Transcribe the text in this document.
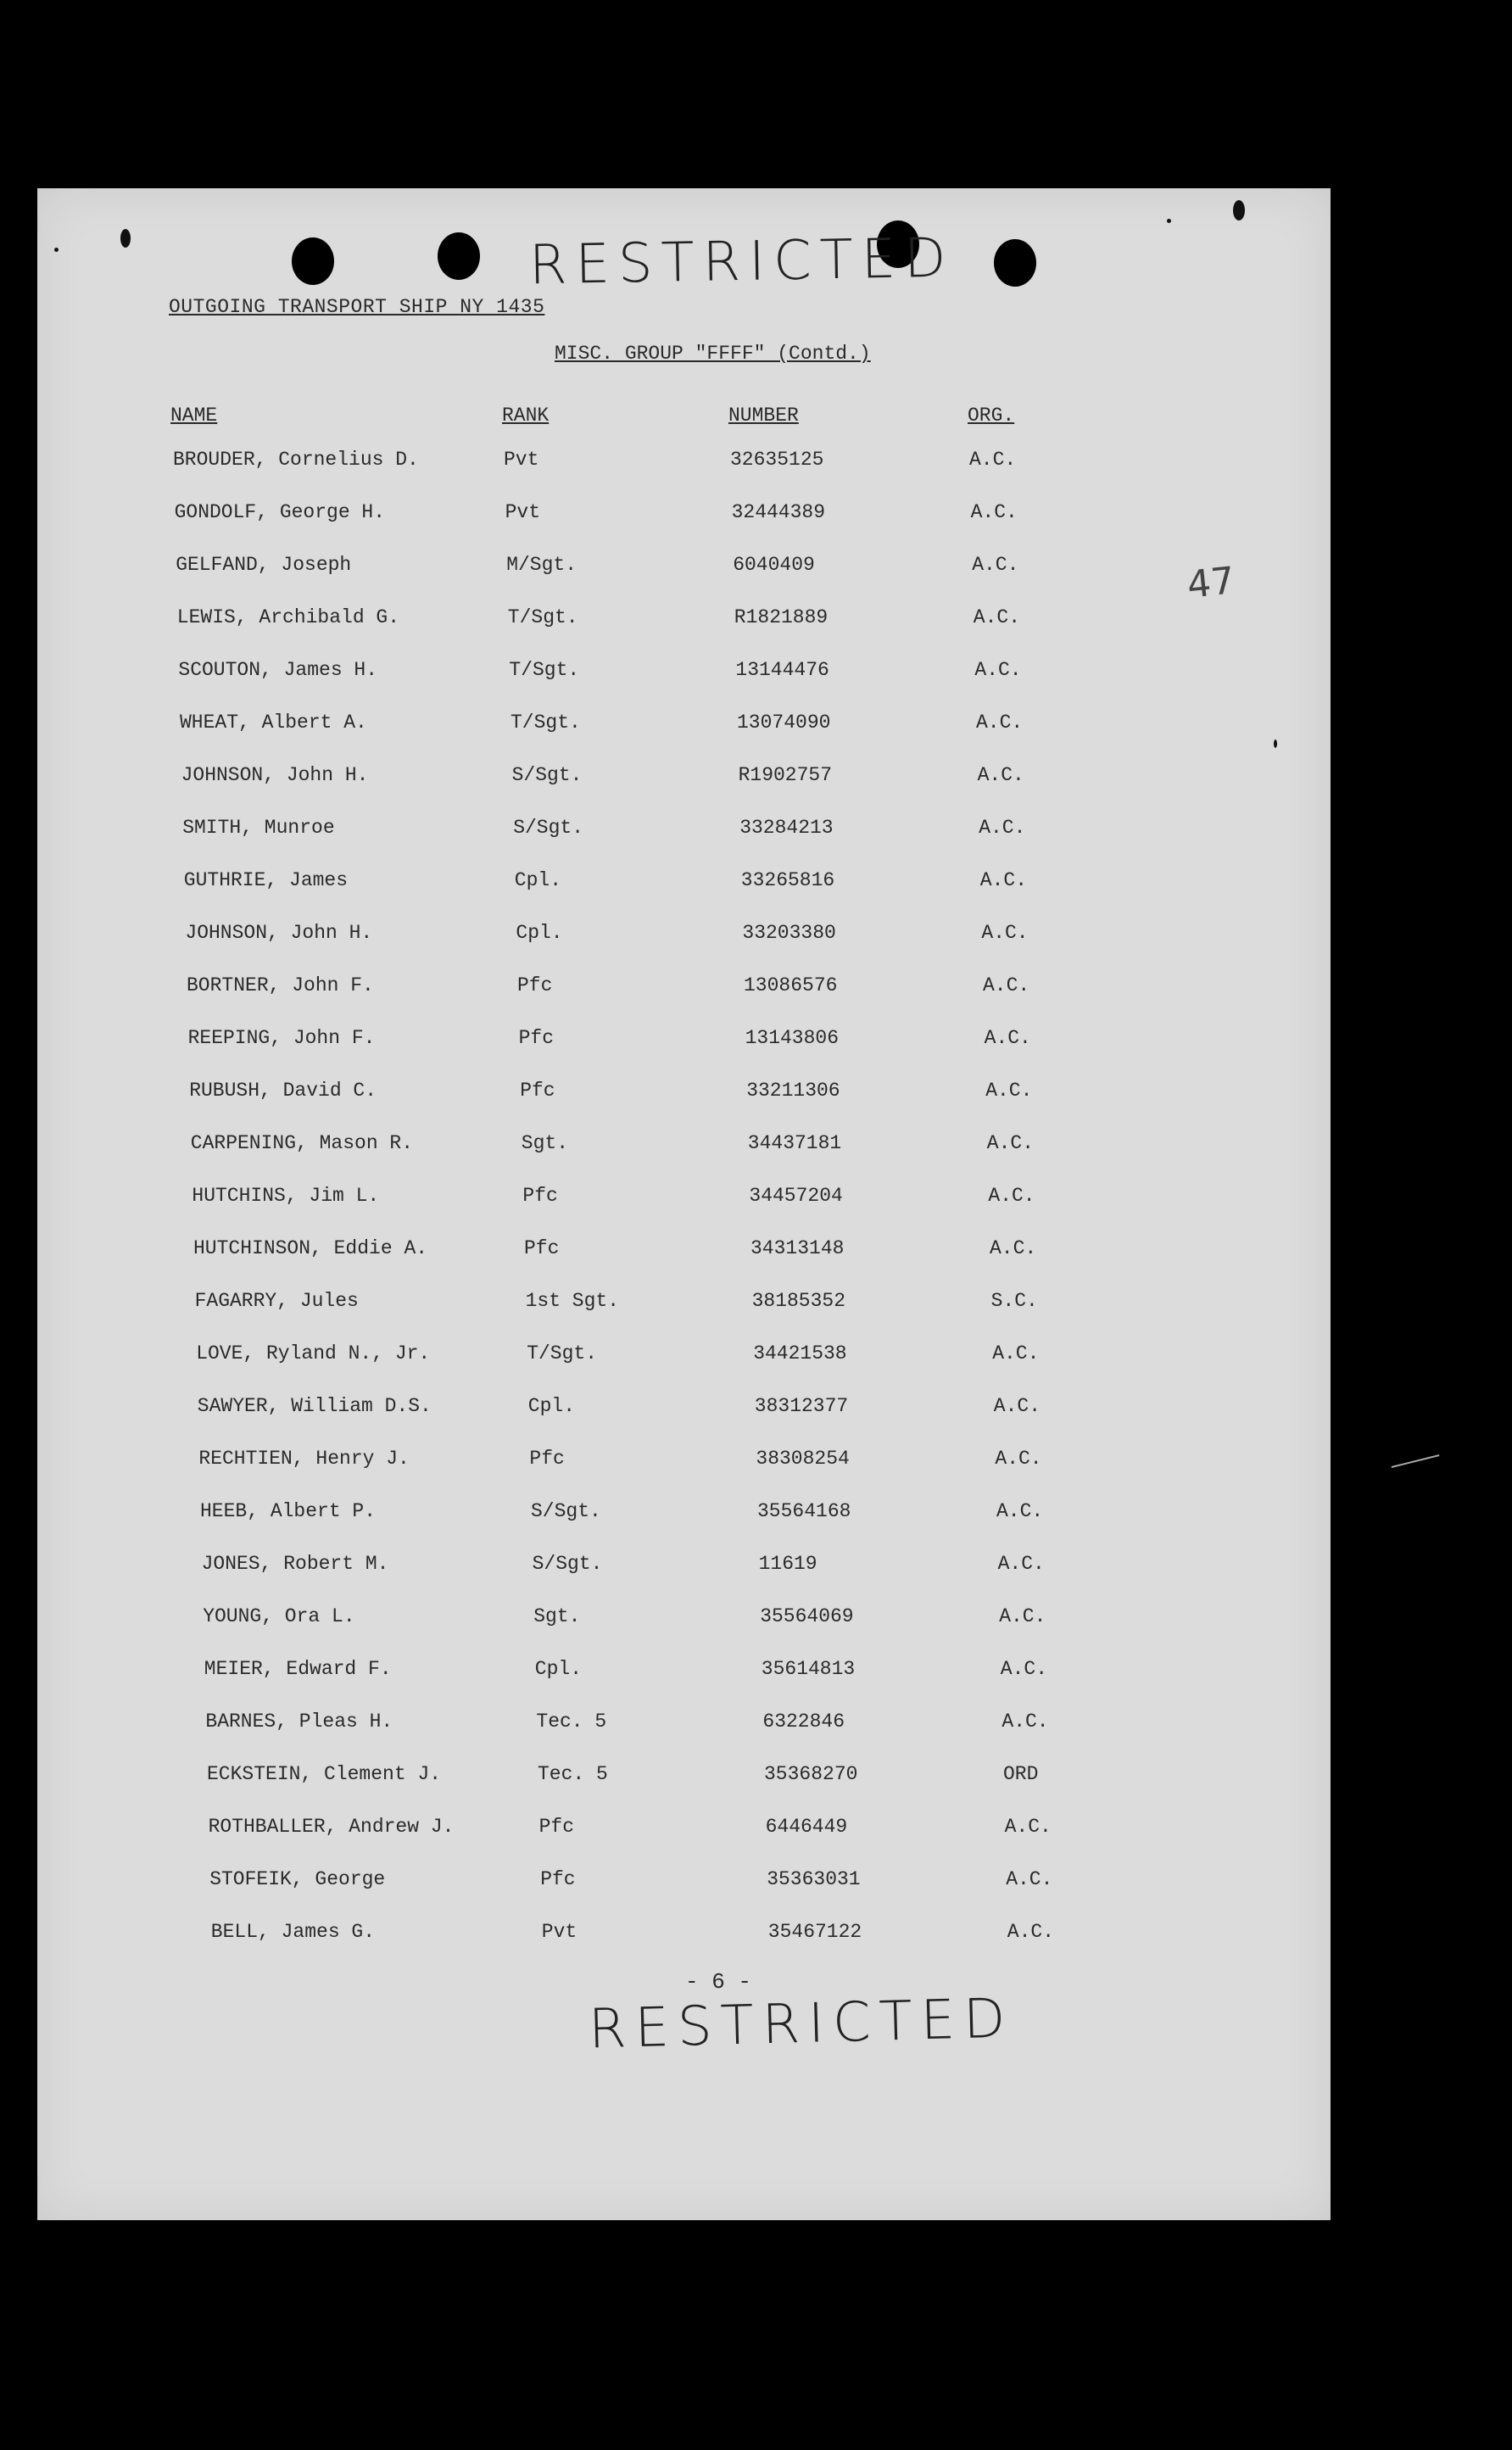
RESTRICTED
OUTGOING TRANSPORT SHIP NY 1435
MISC. GROUP "FFFF" (Contd.)
47
NAME	RANK	NUMBER	ORG.
BROUDER, Cornelius D.	Pvt	32635125	A.C.
GONDOLF, George H.	Pvt	32444389	A.C.
GELFAND, Joseph	M/Sgt.	6040409	A.C.
LEWIS, Archibald G.	T/Sgt.	R1821889	A.C.
SCOUTON, James H.	T/Sgt.	13144476	A.C.
WHEAT, Albert A.	T/Sgt.	13074090	A.C.
JOHNSON, John H.	S/Sgt.	R1902757	A.C.
SMITH, Munroe	S/Sgt.	33284213	A.C.
GUTHRIE, James	Cpl.	33265816	A.C.
JOHNSON, John H.	Cpl.	33203380	A.C.
BORTNER, John F.	Pfc	13086576	A.C.
REEPING, John F.	Pfc	13143806	A.C.
RUBUSH, David C.	Pfc	33211306	A.C.
CARPENING, Mason R.	Sgt.	34437181	A.C.
HUTCHINS, Jim L.	Pfc	34457204	A.C.
HUTCHINSON, Eddie A.	Pfc	34313148	A.C.
FAGARRY, Jules	1st Sgt.	38185352	S.C.
LOVE, Ryland N., Jr.	T/Sgt.	34421538	A.C.
SAWYER, William D.S.	Cpl.	38312377	A.C.
RECHTIEN, Henry J.	Pfc	38308254	A.C.
HEEB, Albert P.	S/Sgt.	35564168	A.C.
JONES, Robert M.	S/Sgt.	11619	A.C.
YOUNG, Ora L.	Sgt.	35564069	A.C.
MEIER, Edward F.	Cpl.	35614813	A.C.
BARNES, Pleas H.	Tec. 5	6322846	A.C.
ECKSTEIN, Clement J.	Tec. 5	35368270	ORD
ROTHBALLER, Andrew J.	Pfc	6446449	A.C.
STOFEIK, George	Pfc	35363031	A.C.
BELL, James G.	Pvt	35467122	A.C.
- 6 -
RESTRICTED
